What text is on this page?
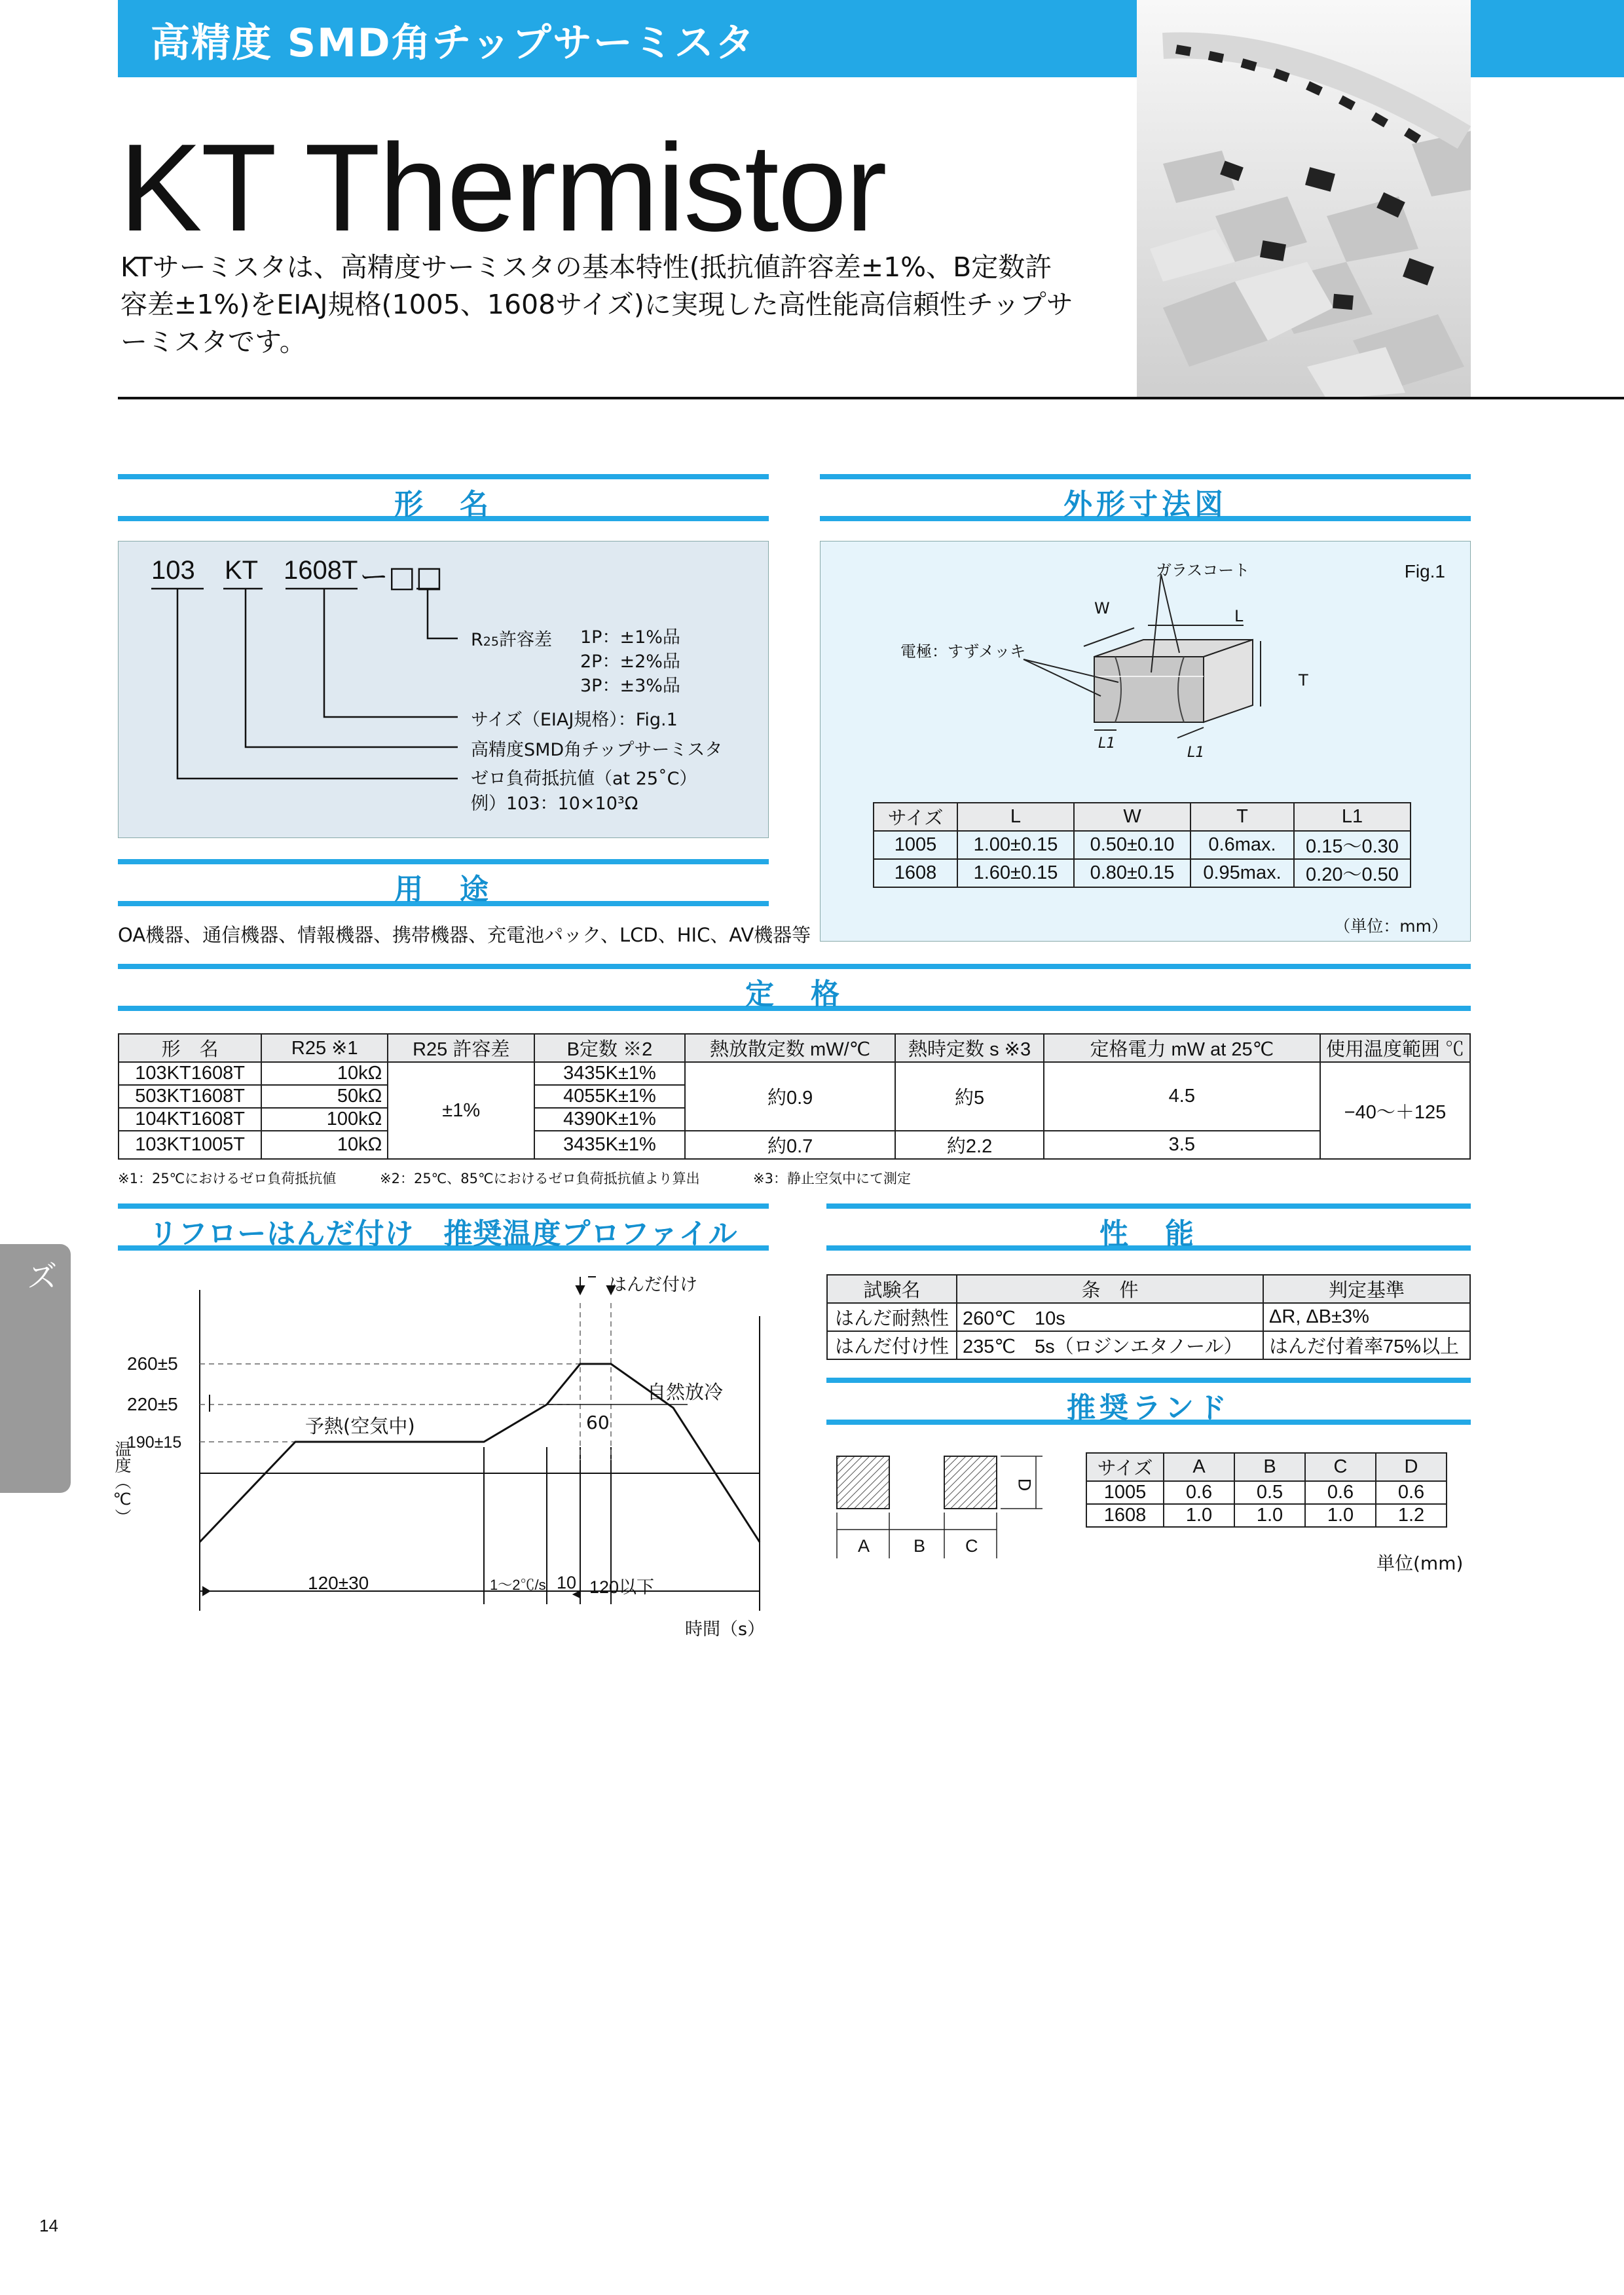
高精度 SMD角チップサーミスタ
KT Thermistor
KTサーミスタは、高精度サーミスタの基本特性(抵抗値許容差±1%、B定数許容差±1%)をEIAJ規格(1005、1608サイズ)に実現した高性能高信頼性チップサーミスタです。
形　名
103 KT 1608T ー□□
R25許容差 1P：±1%品
2P：±2%品
3P：±3%品
サイズ（EIAJ規格）：Fig.1
高精度SMD角チップサーミスタ
ゼロ負荷抵抗値（at 25˚C）
例）103：10×10³Ω
用　途
OA機器、通信機器、情報機器、携帯機器、充電池パック、LCD、HIC、AV機器等
外形寸法図
Fig.1
ガラスコート
電極：すずメッキ
W	L
T
L1
L1
サイズ	L	W	T	L1
1005	1.00±0.15	0.50±0.10	0.6max.	0.15〜0.30
1608	1.60±0.15	0.80±0.15	0.95max.	0.20〜0.50
（単位：mm）
定　格
形　名	R25 ※1	R25 許容差	B定数 ※2	熱放散定数 mW/℃	熱時定数 s ※3	定格電力 mW at 25℃	使用温度範囲 ℃
103KT1608T	10kΩ	±1%	3435K±1%	約0.9	約5	4.5	−40〜＋125
503KT1608T	50kΩ		4055K±1%				
104KT1608T	100kΩ		4390K±1%				
103KT1005T	10kΩ		3435K±1%	約0.7	約2.2	3.5	
※1：25℃におけるゼロ負荷抵抗値	※2：25℃、85℃におけるゼロ負荷抵抗値より算出	※3：静止空気中にて測定
リフローはんだ付け　推奨温度プロファイル
はんだ付け
自然放冷
予熱(空気中)	60
260±5
220±5
190±15
温度（℃）
120±30	1〜2℃/s 10 120以下
時間（s）
性　能
試験名	条　件	判定基準
はんだ耐熱性	260℃　10s	ΔR, ΔB±3%
はんだ付け性	235℃　5s（ロジンエタノール）	はんだ付着率75%以上
推奨ランド
A B C
D
サイズ	A	B	C	D
1005	0.6	0.5	0.6	0.6
1608	1.0	1.0	1.0	1.2
単位(mm)
面実装シリーズ
14
